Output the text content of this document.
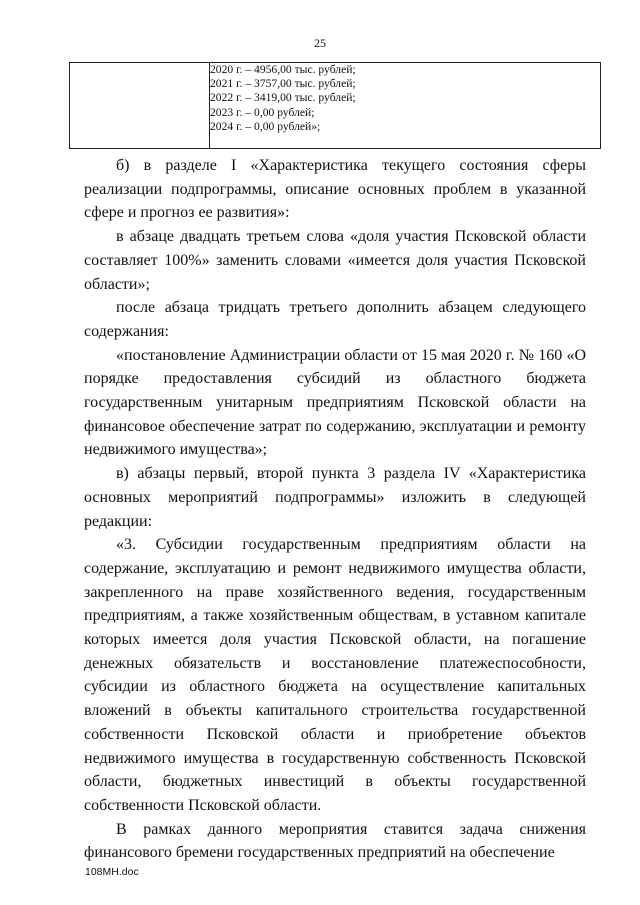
25

2020 г. – 4956,00 тыс. рублей;
2021 г. – 3757,00 тыс. рублей;
2022 г. – 3419,00 тыс. рублей;
2023 г. – 0,00 рублей;
2024 г. – 0,00 рублей»;

б) в разделе I «Характеристика текущего состояния сферы реализации подпрограммы, описание основных проблем в указанной сфере и прогноз ее развития»:

в абзаце двадцать третьем слова «доля участия Псковской области составляет 100%» заменить словами «имеется доля участия Псковской области»;

после абзаца тридцать третьего дополнить абзацем следующего содержания:

«постановление Администрации области от 15 мая 2020 г. № 160 «О порядке предоставления субсидий из областного бюджета государственным унитарным предприятиям Псковской области на финансовое обеспечение затрат по содержанию, эксплуатации и ремонту недвижимого имущества»;

в) абзацы первый, второй пункта 3 раздела IV «Характеристика основных мероприятий подпрограммы» изложить в следующей редакции:

«3. Субсидии государственным предприятиям области на содержание, эксплуатацию и ремонт недвижимого имущества области, закрепленного на праве хозяйственного ведения, государственным предприятиям, а также хозяйственным обществам, в уставном капитале которых имеется доля участия Псковской области, на погашение денежных обязательств и восстановление платежеспособности, субсидии из областного бюджета на осуществление капитальных вложений в объекты капитального строительства государственной собственности Псковской области и приобретение объектов недвижимого имущества в государственную собственность Псковской области, бюджетных инвестиций в объекты государственной собственности Псковской области.

В рамках данного мероприятия ставится задача снижения финансового бремени государственных предприятий на обеспечение

108МН.doc
